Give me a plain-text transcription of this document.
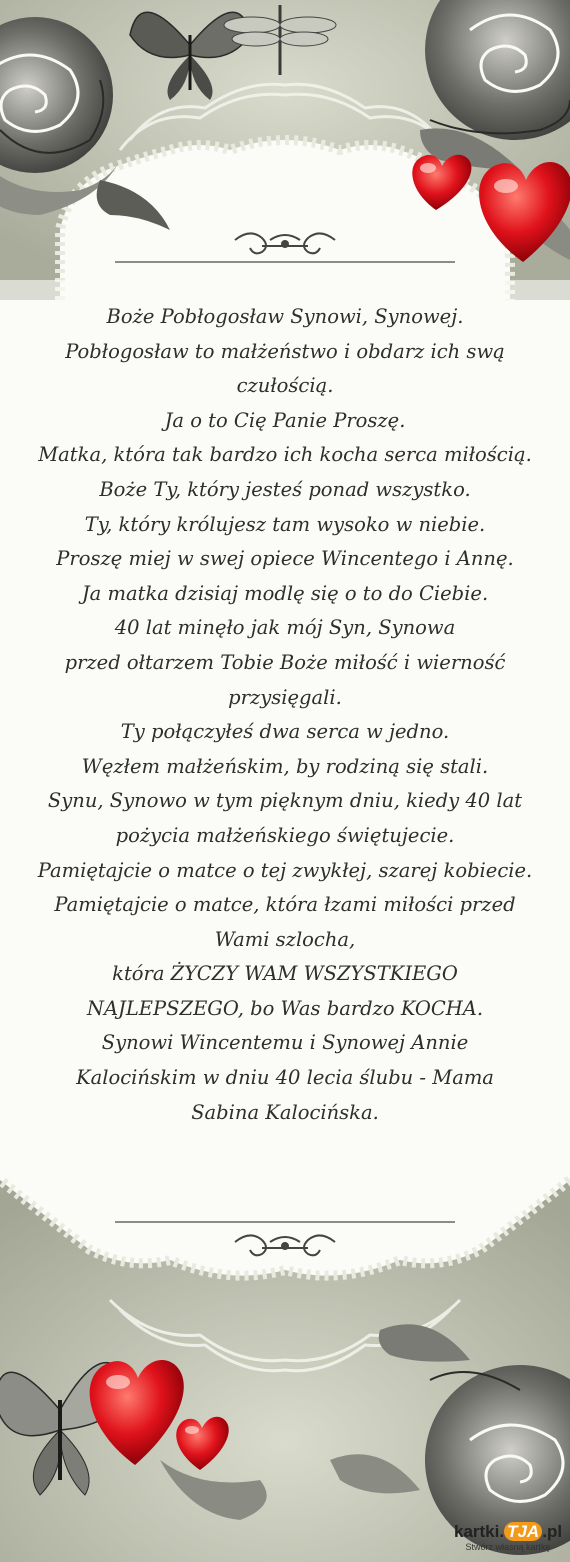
Boże Pobłogosław Synowi, Synowej.

Pobłogosław to małżeństwo i obdarz ich swą

czułością.

Ja o to Cię Panie Proszę.

Matka, która tak bardzo ich kocha serca miłością.

Boże Ty, który jesteś ponad wszystko.

Ty, który królujesz tam wysoko w niebie.

Proszę miej w swej opiece Wincentego i Annę.

Ja matka dzisiaj modlę się o to do Ciebie.

40 lat minęło jak mój Syn, Synowa

przed ołtarzem Tobie Boże miłość i wierność

przysięgali.

Ty połączyłeś dwa serca w jedno.

Węzłem małżeńskim, by rodziną się stali.

Synu, Synowo w tym pięknym dniu, kiedy 40 lat

pożycia małżeńskiego świętujecie.

Pamiętajcie o matce o tej zwykłej, szarej kobiecie.

Pamiętajcie o matce, która łzami miłości przed

Wami szlocha,

która ŻYCZY WAM WSZYSTKIEGO

NAJLEPSZEGO, bo Was bardzo KOCHA.

Synowi Wincentemu i Synowej Annie

Kalocińskim w dniu 40 lecia ślubu - Mama

Sabina Kalocińska.

kartki. TJA .pl
Stwórz własną kartkę
